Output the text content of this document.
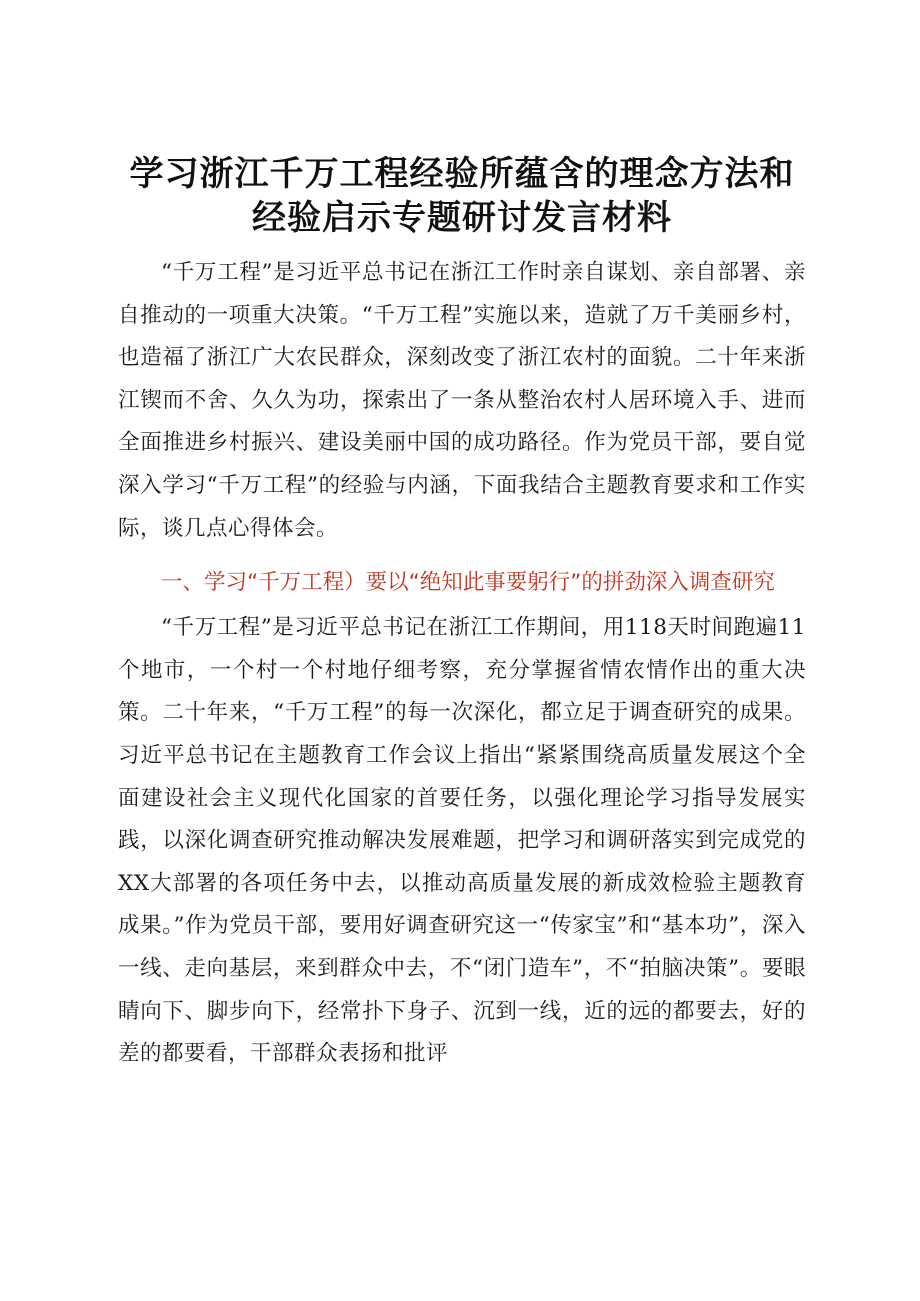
学习浙江千万工程经验所蕴含的理念方法和经验启示专题研讨发言材料

“千万工程”是习近平总书记在浙江工作时亲自谋划、亲自部署、亲自推动的一项重大决策。“千万工程”实施以来，造就了万千美丽乡村，也造福了浙江广大农民群众，深刻改变了浙江农村的面貌。二十年来浙江锲而不舍、久久为功，探索出了一条从整治农村人居环境入手、进而全面推进乡村振兴、建设美丽中国的成功路径。作为党员干部，要自觉深入学习“千万工程”的经验与内涵，下面我结合主题教育要求和工作实际，谈几点心得体会。

一、学习“千万工程）要以“绝知此事要躬行”的拼劲深入调查研究

“千万工程”是习近平总书记在浙江工作期间，用118天时间跑遍11个地市，一个村一个村地仔细考察，充分掌握省情农情作出的重大决策。二十年来，“千万工程”的每一次深化，都立足于调查研究的成果。习近平总书记在主题教育工作会议上指出“紧紧围绕高质量发展这个全面建设社会主义现代化国家的首要任务，以强化理论学习指导发展实践，以深化调查研究推动解决发展难题，把学习和调研落实到完成党的XX大部署的各项任务中去，以推动高质量发展的新成效检验主题教育成果。”作为党员干部，要用好调查研究这一“传家宝”和“基本功”，深入一线、走向基层，来到群众中去，不“闭门造车”，不“拍脑决策”。要眼睛向下、脚步向下，经常扑下身子、沉到一线，近的远的都要去，好的差的都要看，干部群众表扬和批评
